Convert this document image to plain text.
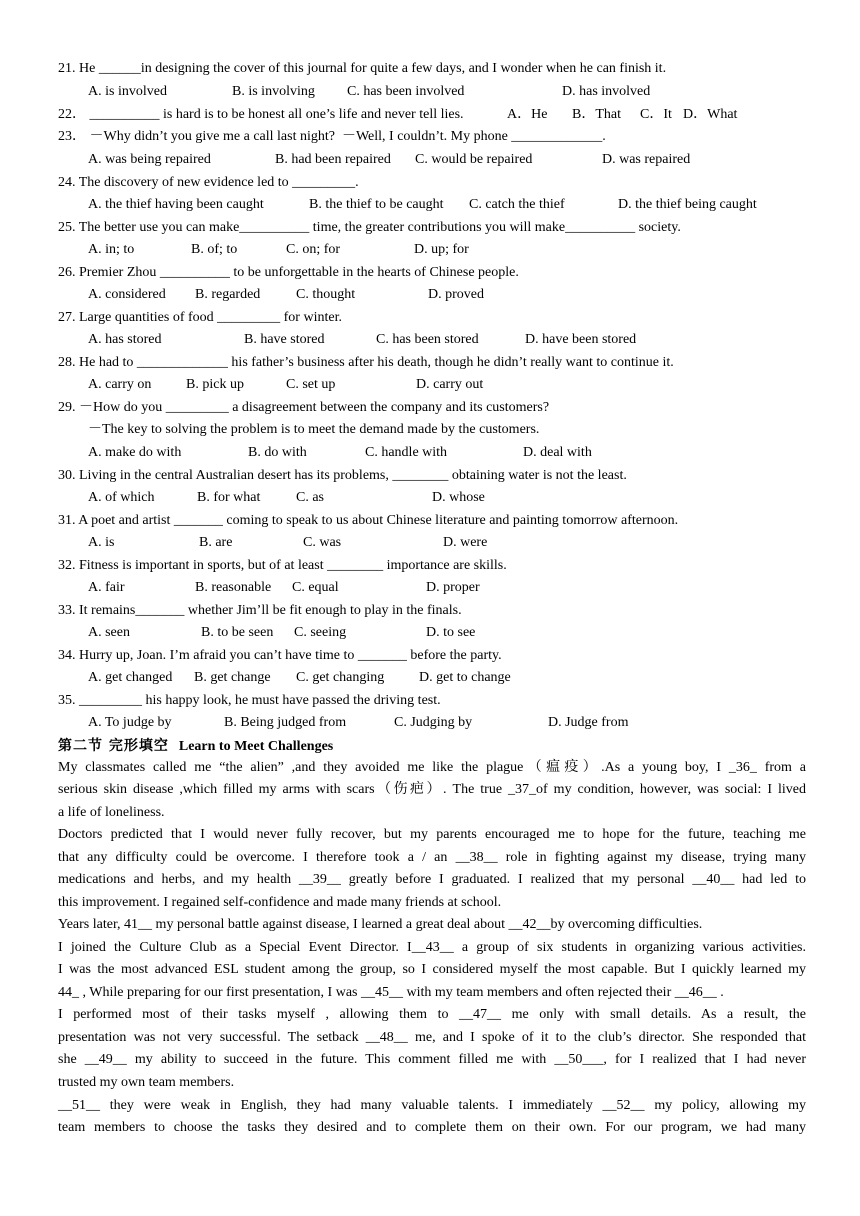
21. He ______in designing the cover of this journal for quite a few days, and I wonder when he can finish it.
A. is involved	B. is involving C. has been involved	D. has involved
22． __________ is hard is to be honest all one’s life and never tell lies.	A．He B．That C．It D．What
23． －Why didn’t you give me a call last night?  －Well, I couldn’t. My phone _____________.
A. was being repaired	B. had been repaired C. would be repaired	D. was repaired
24. The discovery of new evidence led to _________.
A. the thief having been caught	B. the thief to be caught C. catch the thief	D. the thief being caught
25. The better use you can make__________ time, the greater contributions you will make__________ society.
A. in; to	B. of; to	C. on; for	D. up; for
26. Premier Zhou __________ to be unforgettable in the hearts of Chinese people.
A. considered B. regarded	C. thought	D. proved
27. Large quantities of food _________ for winter.
A. has stored	B. have stored	C. has been stored	D. have been stored
28. He had to _____________ his father’s business after his death, though he didn’t really want to continue it.
A. carry on B. pick up	C. set up	D. carry out
29. －How do you _________ a disagreement between the company and its customers?
－The key to solving the problem is to meet the demand made by the customers.
A. make do with	B. do with	C. handle with	D. deal with
30. Living in the central Australian desert has its problems, ________ obtaining water is not the least.
A. of which	B. for what	C. as	D. whose
31. A poet and artist _______ coming to speak to us about Chinese literature and painting tomorrow afternoon.
A. is	B. are	C. was	D. were
32. Fitness is important in sports, but of at least ________ importance are skills.
A. fair	B. reasonable C. equal	D. proper
33. It remains_______ whether Jim’ll be fit enough to play in the finals.
A. seen	B. to be seen C. seeing	D. to see
34. Hurry up, Joan. I’m afraid you can’t have time to _______ before the party.
A. get changed B. get change C. get changing D. get to change
35. _________ his happy look, he must have passed the driving test.
A. To judge by	B. Being judged from	C. Judging by	D. Judge from
第二节 完形填空 Learn to Meet Challenges
My classmates called me “the alien” ,and they avoided me like the plague（瘟疫）.As a young boy, I _36_ from a
serious skin disease ,which filled my arms with scars（伤疤）. The true _37_of my condition, however, was social: I lived
a life of loneliness.
Doctors predicted that I would never fully recover, but my parents encouraged me to hope for the future, teaching me
that any difficulty could be overcome. I therefore took a / an __38__ role in fighting against my disease, trying many
medications and herbs, and my health __39__ greatly before I graduated. I realized that my personal __40__ had led to
this improvement. I regained self-confidence and made many friends at school.
Years later, 41__ my personal battle against disease, I learned a great deal about __42__by overcoming difficulties.
I joined the Culture Club as a Special Event Director. I__43__ a group of six students in organizing various activities.
I was the most advanced ESL student among the group, so I considered myself the most capable. But I quickly learned my
44_ , While preparing for our first presentation, I was __45__ with my team members and often rejected their __46__ .
I performed most of their tasks myself , allowing them to __47__ me only with small details. As a result, the
presentation was not very successful. The setback __48__ me, and I spoke of it to the club’s director. She responded that
she __49__ my ability to succeed in the future. This comment filled me with __50___, for I realized that I had never
trusted my own team members.
__51__ they were weak in English, they had many valuable talents. I immediately __52__ my policy, allowing my
team members to choose the tasks they desired and to complete them on their own. For our program, we had many
